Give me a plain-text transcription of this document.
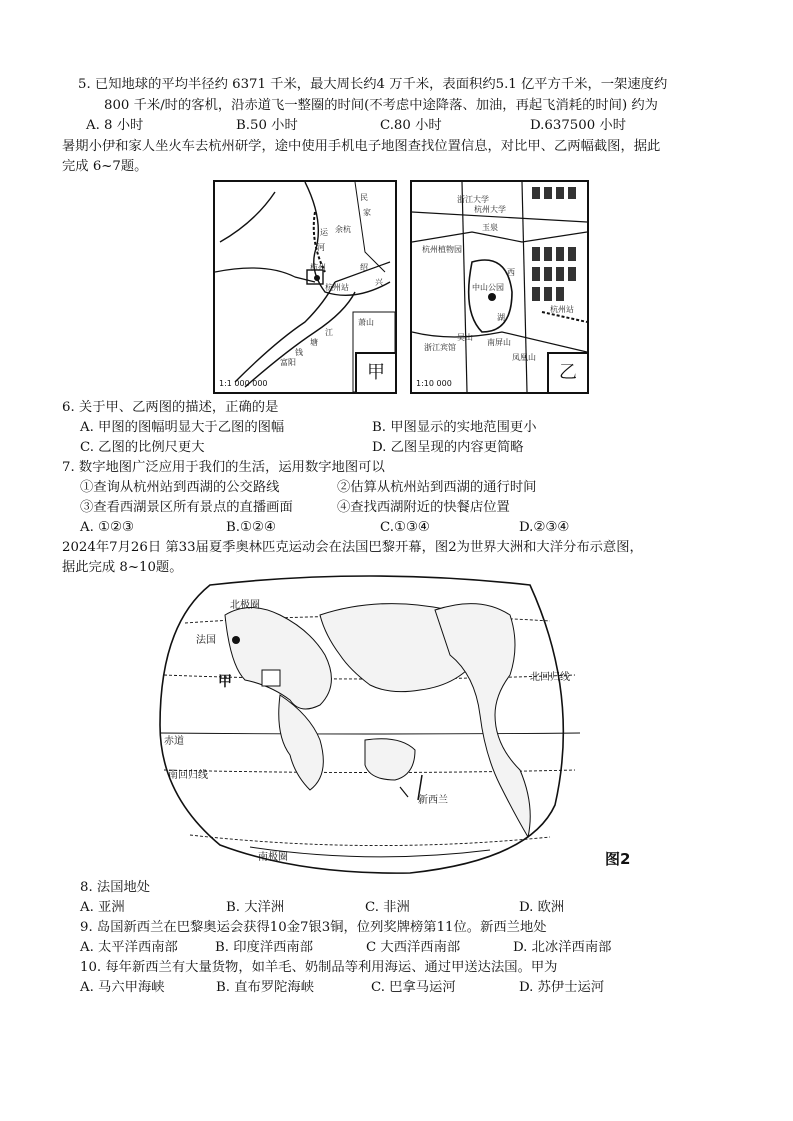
5. 已知地球的平均半径约 6371 千米，最大周长约4 万千米，表面积约5.1 亿平方千米，一架速度约
800 千米/时的客机，沿赤道飞一整圈的时间(不考虑中途降落、加油，再起飞消耗的时间) 约为
A. 8 小时	B.50 小时	C.80 小时	D.637500 小时
暑期小伊和家人坐火车去杭州研学，途中使用手机电子地图查找位置信息，对比甲、乙两幅截图，据此
完成 6~7题。
民
家
余杭
杭州
杭州站
萧山
富阳
钱
塘
江
绍
兴
运
河
1:1 000 000
甲
浙江大学
杭州大学
玉泉
杭州植物园
中山公园
西
湖
南屏山
凤凰山
杭州站
浙江宾馆
吴山
1:10 000
乙
6. 关于甲、乙两图的描述，正确的是
A. 甲图的图幅明显大于乙图的图幅	B. 甲图显示的实地范围更小
C. 乙图的比例尺更大	D. 乙图呈现的内容更简略
7. 数字地图广泛应用于我们的生活，运用数字地图可以
①查询从杭州站到西湖的公交路线	②估算从杭州站到西湖的通行时间
③查看西湖景区所有景点的直播画面	④查找西湖附近的快餐店位置
A. ①②③	B.①②④	C.①③④	D.②③④
2024年7月26日 第33届夏季奥林匹克运动会在法国巴黎开幕，图2为世界大洲和大洋分布示意图，
据此完成 8~10题。
北极圈
法国
甲	北回归线
赤道
南回归线
新西兰
南极圈	图2
8. 法国地处
A. 亚洲	B. 大洋洲	C. 非洲	D. 欧洲
9. 岛国新西兰在巴黎奥运会获得10金7银3铜，位列奖牌榜第11位。新西兰地处
A. 太平洋西南部	B. 印度洋西南部	C 大西洋西南部	D. 北冰洋西南部
10. 每年新西兰有大量货物，如羊毛、奶制品等利用海运、通过甲送达法国。甲为
A. 马六甲海峡	B. 直布罗陀海峡	C. 巴拿马运河	D. 苏伊士运河
